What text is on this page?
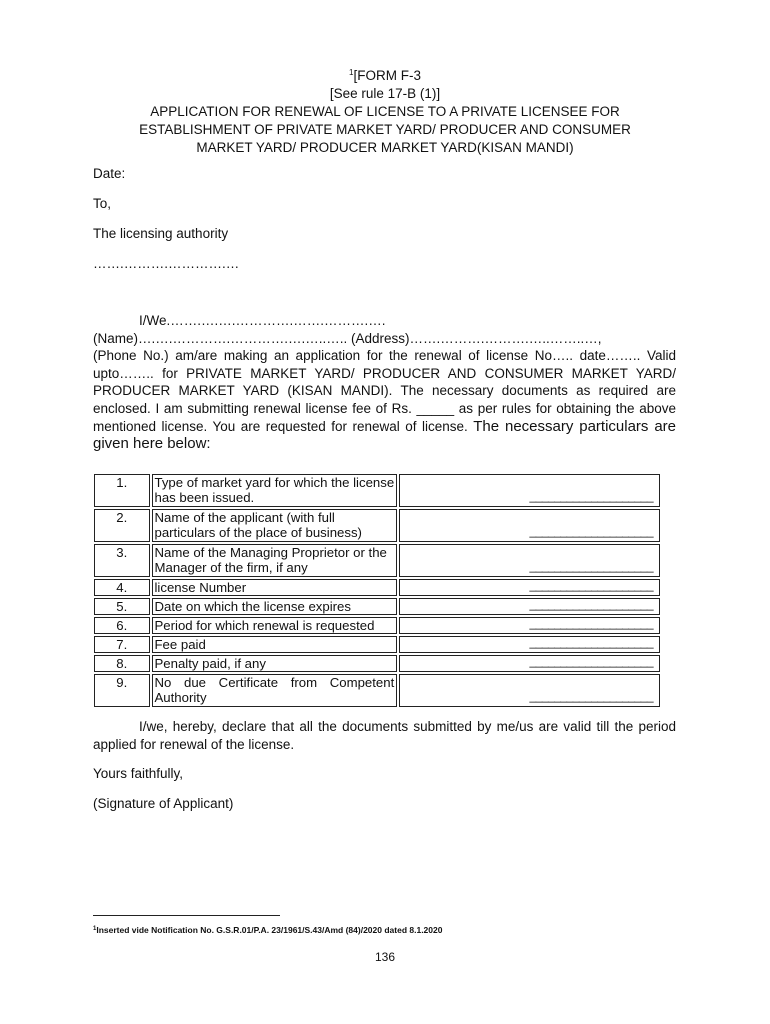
$^1$[FORM F-3
[See rule 17-B (1)]
APPLICATION FOR RENEWAL OF LICENSE TO A PRIVATE LICENSEE FOR
ESTABLISHMENT OF PRIVATE MARKET YARD/ PRODUCER AND CONSUMER
MARKET YARD/ PRODUCER MARKET YARD(KISAN MANDI)
Date:
To,
The licensing authority
…….……….………….…
I/We.…….….….………….…….……….….
(Name)….….………….………….….…..….. (Address)…….……….……….…..……..…,
(Phone No.) am/are making an application for the renewal of license No….. date…….. Valid upto…….. for PRIVATE MARKET YARD/ PRODUCER AND CONSUMER MARKET YARD/ PRODUCER MARKET YARD (KISAN MANDI). The necessary documents as required are enclosed. I am submitting renewal license fee of Rs. _____ as per rules for obtaining the above mentioned license. You are requested for renewal of license. The necessary particulars are given here below:
1.	Type of market yard for which the license has been issued.	____________________

2.	Name of the applicant (with full particulars of the place of business)	____________________

3.	Name of the Managing Proprietor or the Manager of the firm, if any	____________________

4.	license Number	____________________

5.	Date on which the license expires	____________________

6.	Period for which renewal is requested	____________________

7.	Fee paid	____________________

8.	Penalty paid, if any	____________________

9.	No due Certificate from Competent Authority	____________________
I/we, hereby, declare that all the documents submitted by me/us are valid till the period applied for renewal of the license.
Yours faithfully,
(Signature of Applicant)
$^1$Inserted vide Notification No. G.S.R.01/P.A. 23/1961/S.43/Amd (84)/2020 dated 8.1.2020
136
